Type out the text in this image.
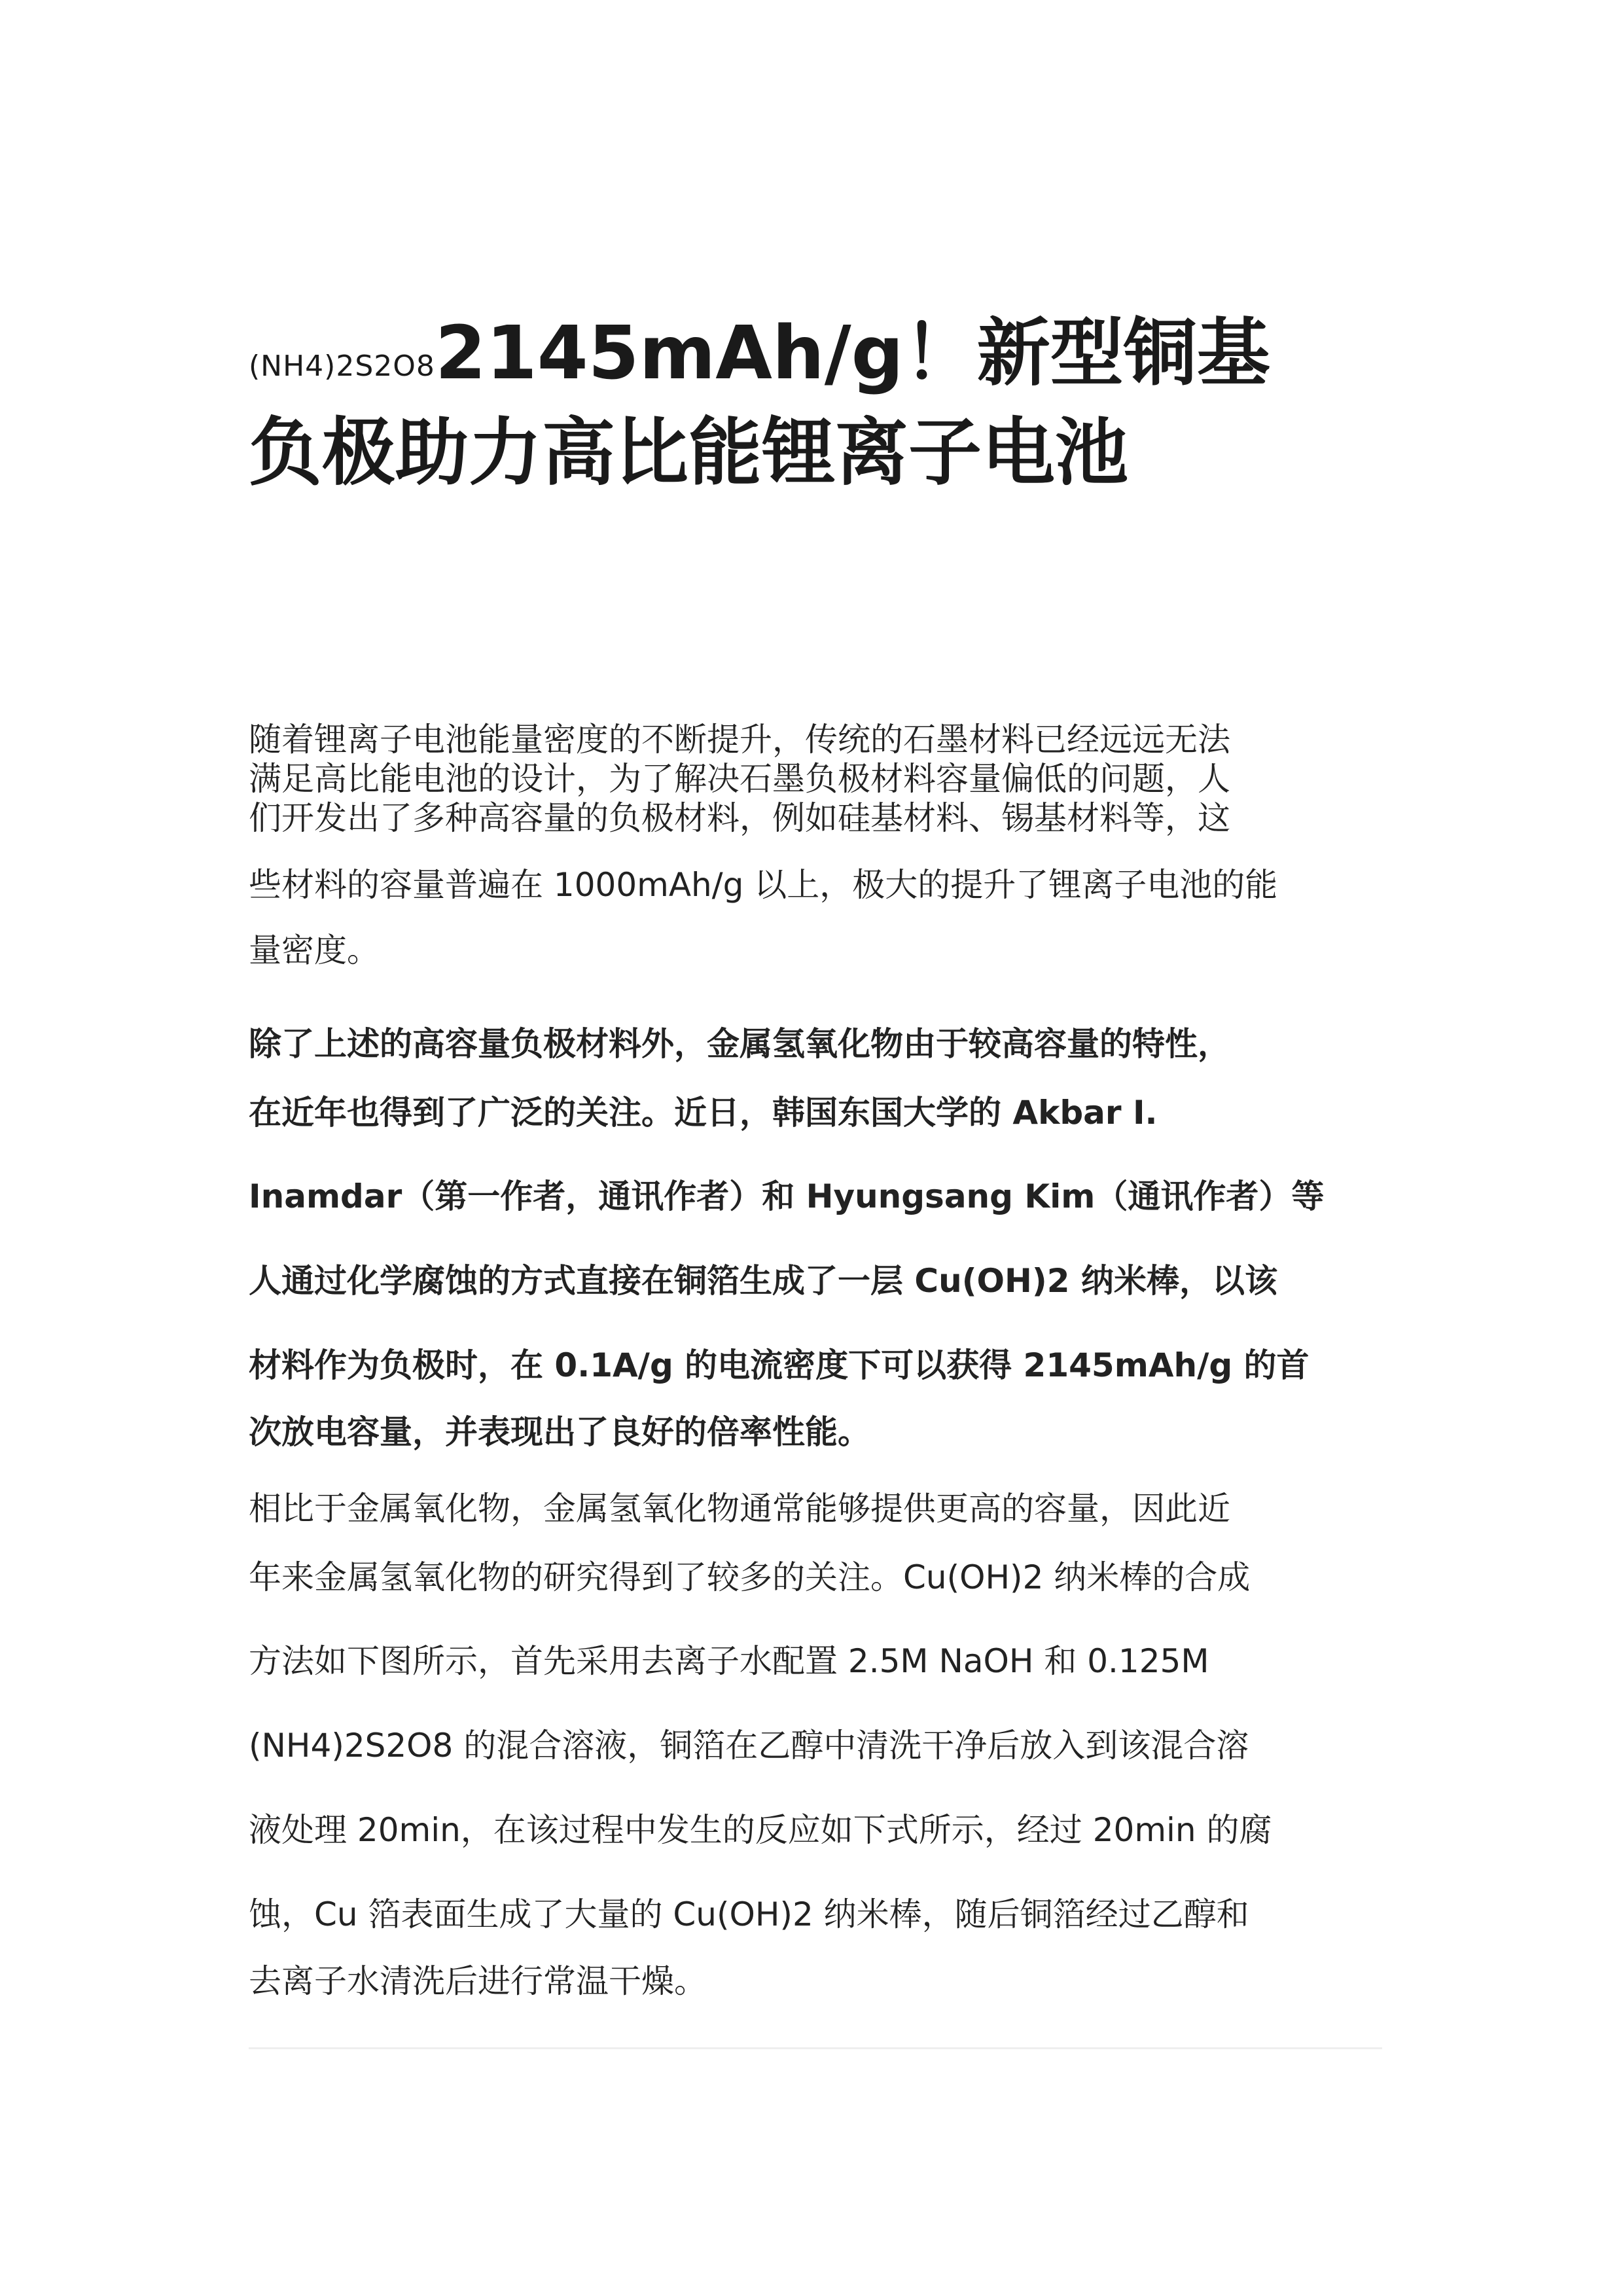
(NH4)2S2O82145mAh/g！新型铜基
负极助力高比能锂离子电池
随着锂离子电池能量密度的不断提升，传统的石墨材料已经远远无法
满足高比能电池的设计，为了解决石墨负极材料容量偏低的问题，人
们开发出了多种高容量的负极材料，例如硅基材料、锡基材料等，这
些材料的容量普遍在 1000mAh/g 以上，极大的提升了锂离子电池的能
量密度。
除了上述的高容量负极材料外，金属氢氧化物由于较高容量的特性，
在近年也得到了广泛的关注。近日，韩国东国大学的 Akbar I.
Inamdar（第一作者，通讯作者）和 Hyungsang Kim（通讯作者）等
人通过化学腐蚀的方式直接在铜箔生成了一层 Cu(OH)2 纳米棒，以该
材料作为负极时，在 0.1A/g 的电流密度下可以获得 2145mAh/g 的首
次放电容量，并表现出了良好的倍率性能。
相比于金属氧化物，金属氢氧化物通常能够提供更高的容量，因此近
年来金属氢氧化物的研究得到了较多的关注。Cu(OH)2 纳米棒的合成
方法如下图所示，首先采用去离子水配置 2.5M NaOH 和 0.125M
(NH4)2S2O8 的混合溶液，铜箔在乙醇中清洗干净后放入到该混合溶
液处理 20min，在该过程中发生的反应如下式所示，经过 20min 的腐
蚀，Cu 箔表面生成了大量的 Cu(OH)2 纳米棒，随后铜箔经过乙醇和
去离子水清洗后进行常温干燥。
